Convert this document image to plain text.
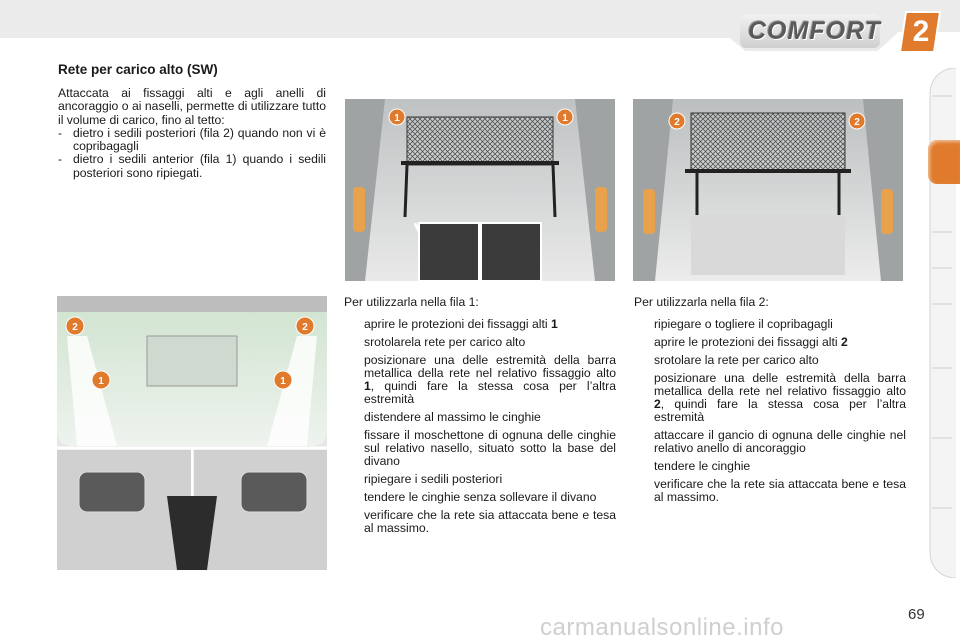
COMFORT	2
Rete per carico alto (SW)

Attaccata ai fissaggi alti e agli anelli di ancoraggio o ai naselli, permette di utilizzare tutto il volume di carico, fino al tetto:

- dietro i sedili posteriori (fila 2) quando non vi è copribagagli
- dietro i sedili anterior (fila 1) quando i sedili posteriori sono ripiegati.
1	1	2	2
2	2
1	1

Per utilizzarla nella fila 1:

aprire le protezioni dei fissaggi alti 1
srotolarela rete per carico alto
posizionare una delle estremità della barra metallica della rete nel relativo fissaggio alto 1, quindi fare la stessa cosa per l’altra estremità
distendere al massimo le cinghie
fissare il moschettone di ognuna delle cinghie sul relativo nasello, situato sotto la base del divano
ripiegare i sedili posteriori
tendere le cinghie senza sollevare il divano
verificare che la rete sia attaccata bene e tesa al massimo.

Per utilizzarla nella fila 2:

ripiegare o togliere il copribagagli
aprire le protezioni dei fissaggi alti 2
srotolare la rete per carico alto
posizionare una delle estremità della barra metallica della rete nel relativo fissaggio alto 2, quindi fare la stessa cosa per l’altra estremità
attaccare il gancio di ognuna delle cinghie nel relativo anello di ancoraggio
tendere le cinghie
verificare che la rete sia attaccata bene e tesa al massimo.
carmanualsonline.info	69
